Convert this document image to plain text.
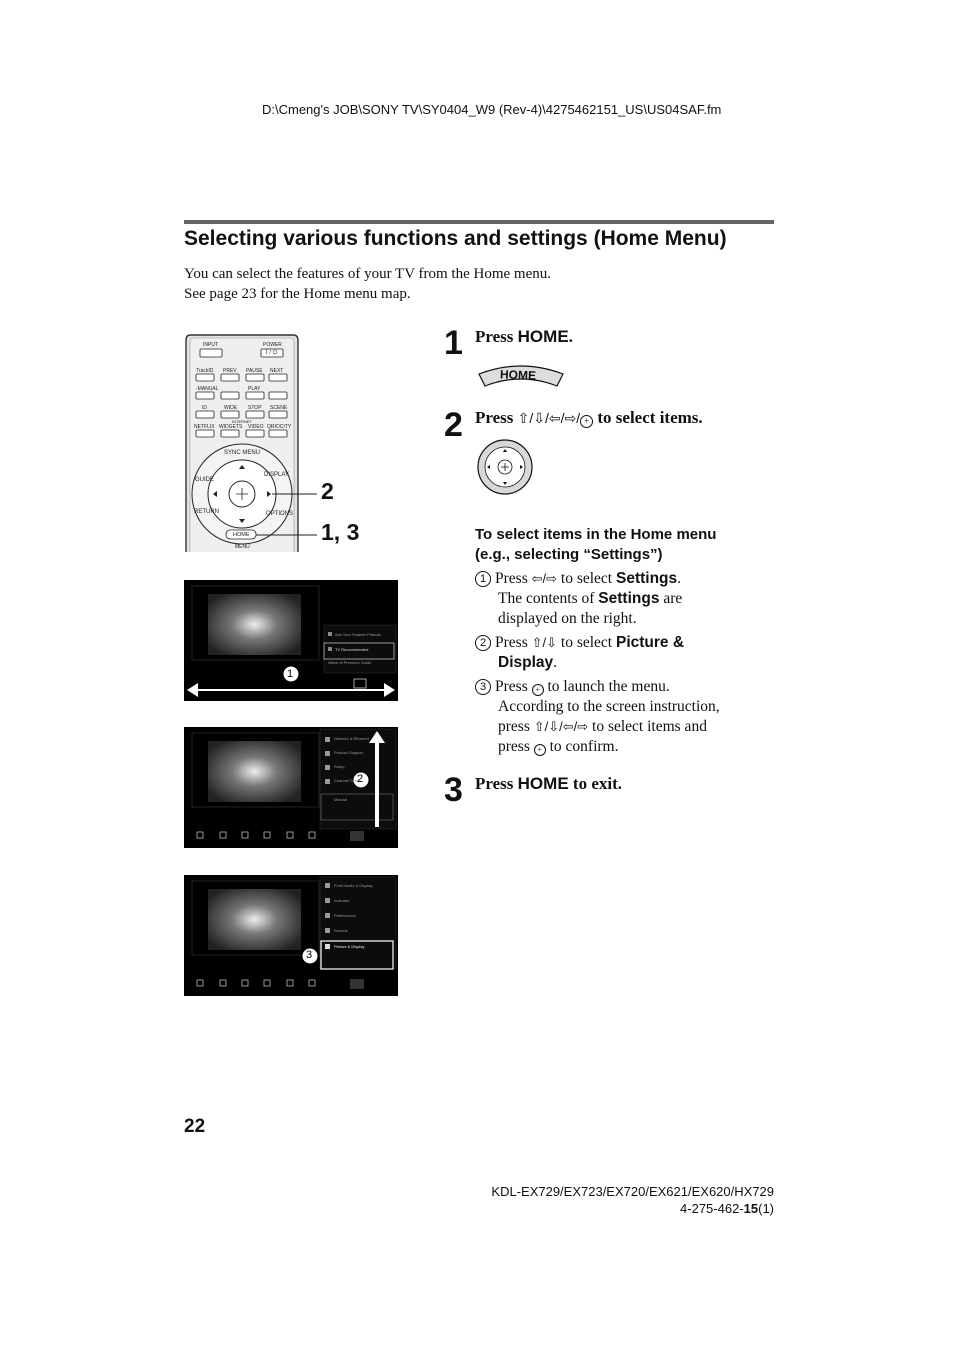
D:\Cmeng's JOB\SONY TV\SY0404_W9 (Rev-4)\4275462151_US\US04SAF.fm
Selecting various functions and settings (Home Menu)
You can select the features of your TV from the Home menu.
See page 23 for the Home menu map.
INPUT	POWER
I / ⏻
TrackID PREV PAUSE NEXT
-MANUAL	PLAY
ID	WIDE STOP SCENE
INTERNET
NETFLIX WIDGETS VIDEO QRIOCITY
SYNC MENU
GUIDE
DISPLAY
RETURN	OPTIONS
HOME
MENU
2
1, 3
Ask Your Smarter Friends
TV Recommended
Wave of Premium Guide
1
Network & Ethernet
Product Support
Setup
Channel Setup
Manual
2
Front Audio & Display
Indicator
Preferences
Sounds
Picture & Display
3
1 Press HOME.
HOME
2 Press ⇧/⇩/⇦/⇨/ + to select items.
To select items in the Home menu
(e.g., selecting “Settings”)
1 Press ⇦/⇨ to select Settings.
The contents of Settings are
displayed on the right.
2 Press ⇧/⇩ to select Picture &
Display.
3 Press + to launch the menu.
According to the screen instruction,
press ⇧/⇩/⇦/⇨ to select items and
press + to confirm.
3 Press HOME to exit.
22
KDL-EX729/EX723/EX720/EX621/EX620/HX729
4-275-462-15(1)
